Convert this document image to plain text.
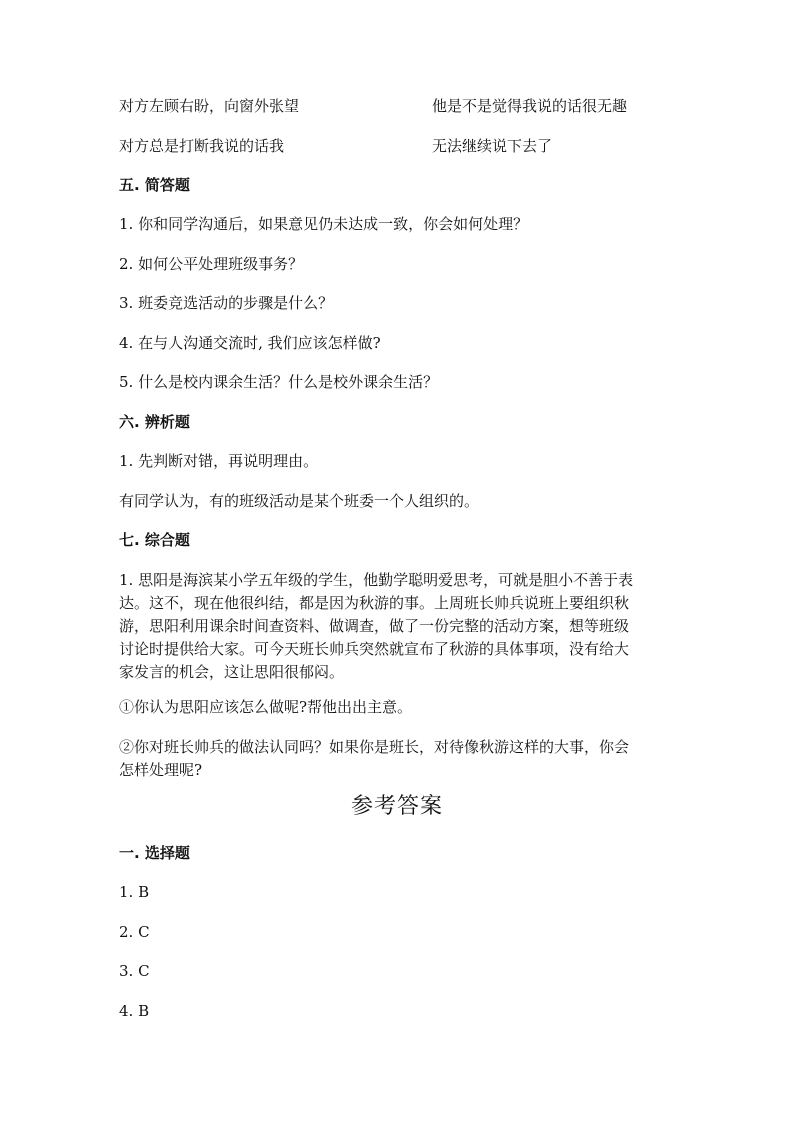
对方左顾右盼，向窗外张望	他是不是觉得我说的话很无趣
对方总是打断我说的话我	无法继续说下去了
五. 简答题
1. 你和同学沟通后，如果意见仍未达成一致，你会如何处理？
2. 如何公平处理班级事务？
3. 班委竞选活动的步骤是什么？
4. 在与人沟通交流时, 我们应该怎样做?
5. 什么是校内课余生活？什么是校外课余生活？
六. 辨析题
1. 先判断对错，再说明理由。
有同学认为，有的班级活动是某个班委一个人组织的。
七. 综合题
1. 思阳是海滨某小学五年级的学生，他勤学聪明爱思考，可就是胆小不善于表
达。这不，现在他很纠结，都是因为秋游的事。上周班长帅兵说班上要组织秋
游，思阳利用课余时间查资料、做调查，做了一份完整的活动方案，想等班级
讨论时提供给大家。可今天班长帅兵突然就宣布了秋游的具体事项，没有给大
家发言的机会，这让思阳很郁闷。
①你认为思阳应该怎么做呢?帮他出出主意。
②你对班长帅兵的做法认同吗？如果你是班长，对待像秋游这样的大事，你会
怎样处理呢?
参考答案
一. 选择题
1. B
2. C
3. C
4. B
